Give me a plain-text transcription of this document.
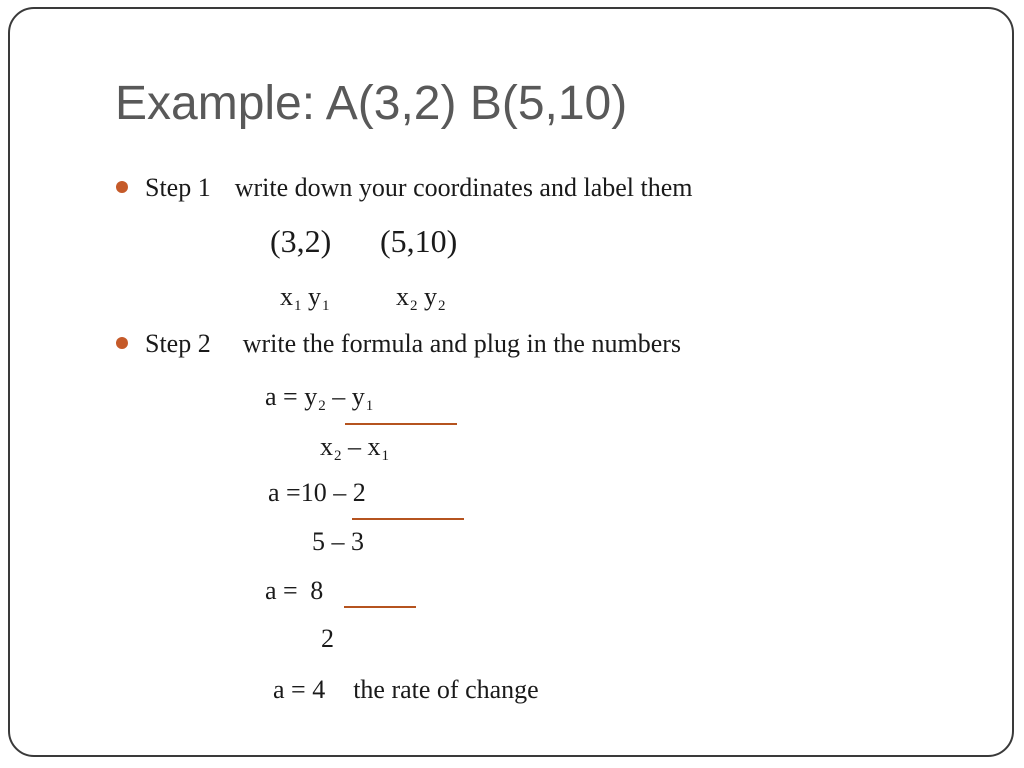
Example: A(3,2) B(5,10)
Step 1 write down your coordinates and label them
(3,2) (5,10)
$x_1$ $y_1$	$x_2$ $y_2$
Step 2 write the formula and plug in the numbers
$a = y_2 - y_1$
$x_2 - x_1$
a =10 – 2
5 – 3
a = 8
2
a = 4 the rate of change
